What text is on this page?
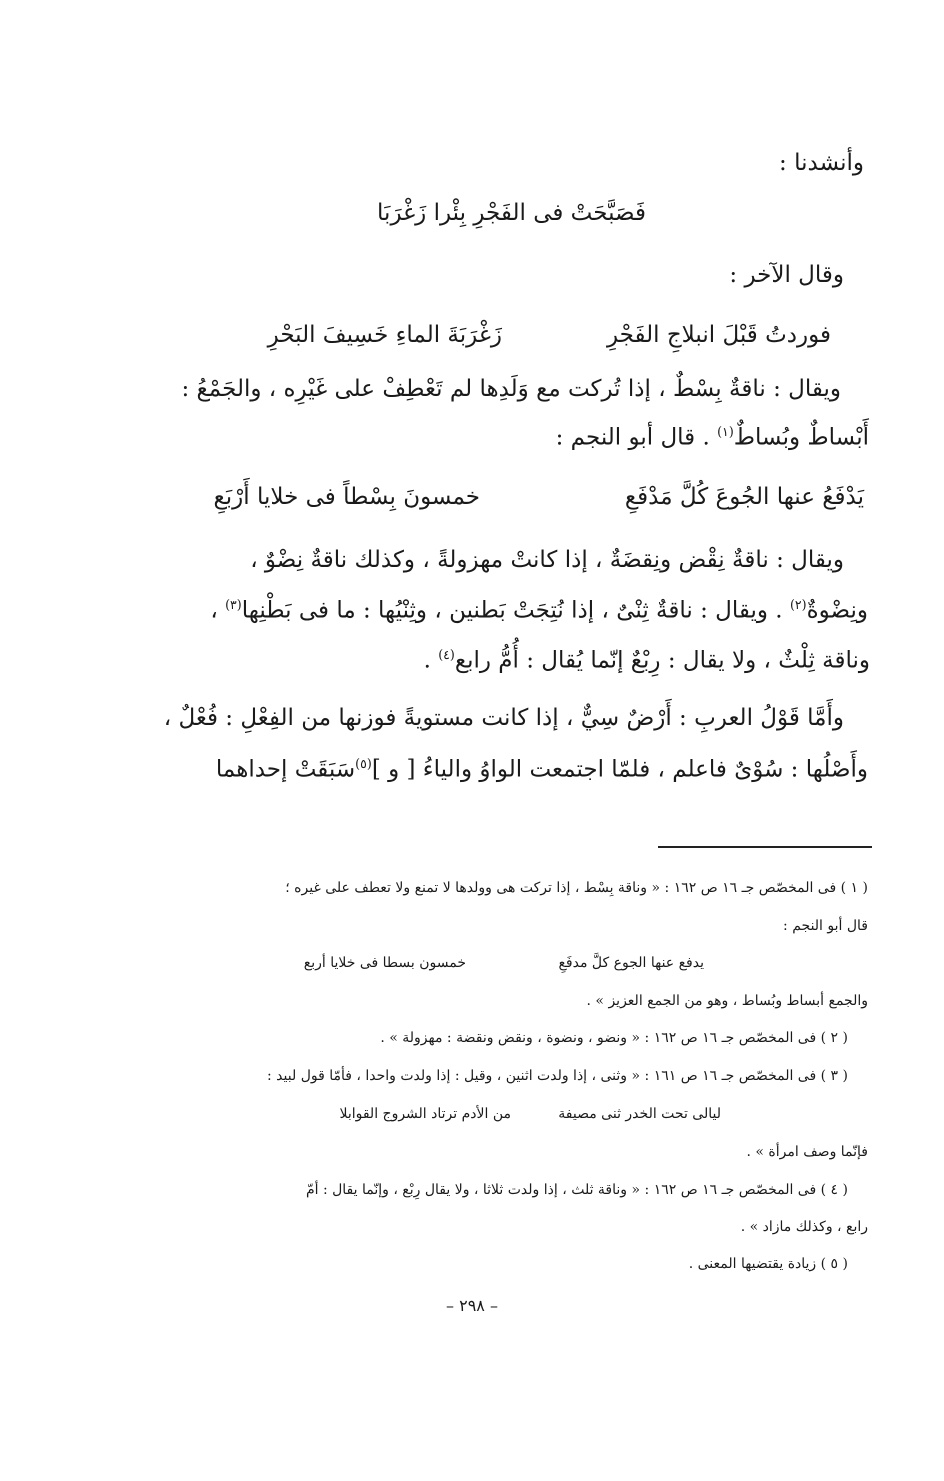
وأنشدنا :
فَصَبَّحَتْ فى الفَجْرِ بِئْرا زَغْرَبَا
وقال الآخر :
فوردتُ قَبْلَ انبلاجِ الفَجْرِ
زَغْرَبَةَ الماءِ خَسِيفَ البَحْرِ
ويقال : ناقةٌ بِسْطٌ ، إذا تُركت مع وَلَدِها لم تَعْطِفْ على غَيْرِه ، والجَمْعُ :
أَبْساطٌ وبُساطٌ$^{(١)}$ . قال أبو النجم :
يَدْفَعُ عنها الجُوعَ كُلَّ مَدْفَعِ
خمسونَ بِسْطاً فى خلايا أَرْبَعِ
ويقال : ناقةٌ نِقْض ونِقضَةٌ ، إذا كانتْ مهزولةً ، وكذلك ناقةٌ نِضْوٌ ،
ونِضْوةٌ$^{(٢)}$ . ويقال : ناقةٌ ثِنْىٌ ، إذا نُتِجَتْ بَطنين ، وثِنْيُها : ما فى بَطْنِها$^{(٣)}$ ،
وناقة ثِلْثٌ ، ولا يقال : رِبْعٌ إنّما يُقال : أُمُّ رابع$^{(٤)}$ .
وأَمَّا قَوْلُ العربِ : أَرْضٌ سِيٌّ ، إذا كانت مستويةً فوزنها من الفِعْلِ : فُعْلٌ ،
وأَصْلُها : سُوْىٌ فاعلم ، فلمّا اجتمعت الواوُ والياءُ [ و ]$^{(٥)}$سَبَقَتْ إحداهما
( ١ ) فى المخصّص جـ ١٦ ص ١٦٢ : « وناقة بِسْط ، إذا تركت هى وولدها لا تمنع ولا تعطف على غيره ؛
قال أبو النجم :
يدفع عنها الجوع كلَّ مدفَعِ
خمسون بسطا فى خلايا أربع
والجمع أبساط وبُساط ، وهو من الجمع العزيز » .
( ٢ ) فى المخصّص جـ ١٦ ص ١٦٢ : « ونضو ، ونضوة ، ونقض ونقضة : مهزولة » .
( ٣ ) فى المخصّص جـ ١٦ ص ١٦١ : « وثنى ، إذا ولدت اثنين ، وقيل : إذا ولدت واحدا ، فأمّا قول لبيد :
ليالى تحت الخدر ثنى مصيفة
من الأدم ترتاد الشروج القوابلا
فإنّما وصف امرأة » .
( ٤ ) فى المخصّص جـ ١٦ ص ١٦٢ : « وناقة ثلث ، إذا ولدت ثلاثا ، ولا يقال رِبْع ، وإنّما يقال : أمّ
رابع ، وكذلك مازاد » .
( ٥ ) زيادة يقتضيها المعنى .
– ٢٩٨ –
